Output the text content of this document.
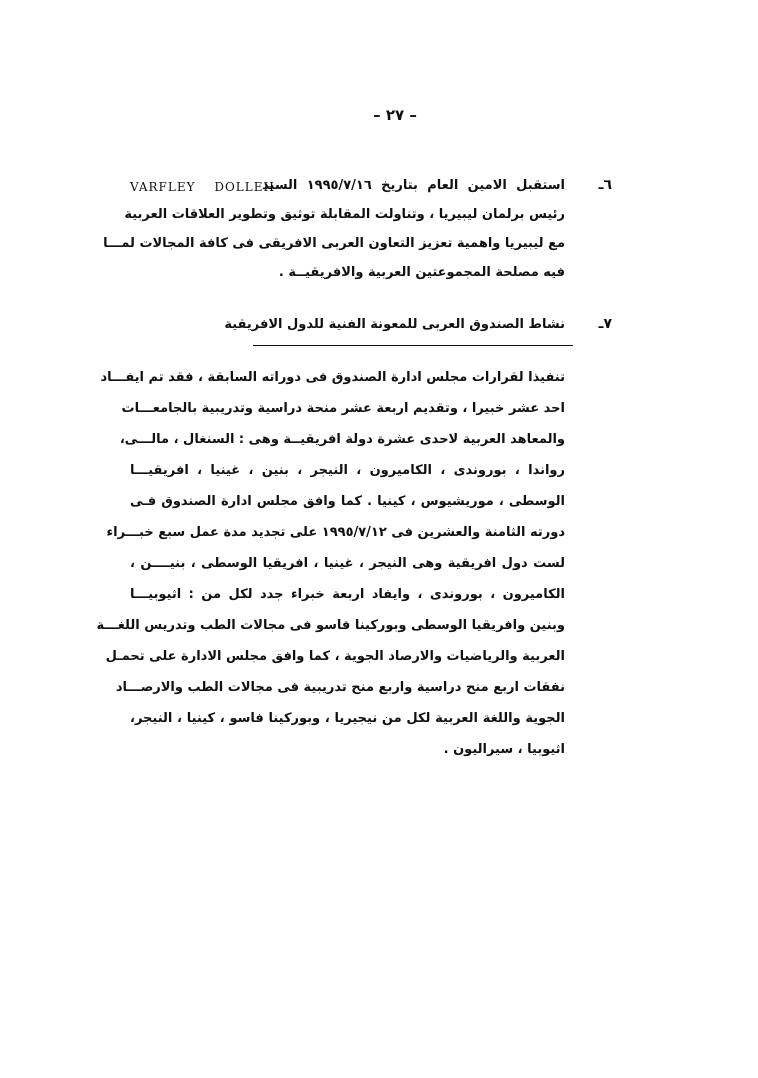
– ٢٧ –
٦ـ
استقبل الامين العام بتاريخ ١٩٩٥/٧/١٦ السيد
VARFLEY DOLLEH
رئيس برلمان ليبيريا ، وتناولت المقابلة توثيق وتطوير العلاقات العربية
مع ليبيريا واهمية تعزيز التعاون العربى الافريقى فى كافة المجالات لمـــا
فيه مصلحة المجموعتين العربية والافريقيــة .
٧ـ
نشاط الصندوق العربى للمعونة الفنية للدول الافريقية
تنفيذا لقرارات مجلس ادارة الصندوق فى دوراته السابقة ، فقد تم ايفـــاد
احد عشر خبيرا ، وتقديم اربعة عشر منحة دراسية وتدريبية بالجامعـــات
والمعاهد العربية لاحدى عشرة دولة افريقيــة وهى : السنغال ، مالـــى،
رواندا ، بوروندى ، الكاميرون ، النيجر ، بنين ، غينيا ، افريقيـــا
الوسطى ، موريشيوس ، كينيا . كما وافق مجلس ادارة الصندوق فـى
دورته الثامنة والعشرين فى ١٩٩٥/٧/١٢ على تجديد مدة عمل سبع خبـــراء
لست دول افريقية وهى النيجر ، غينيا ، افريقيا الوسطى ، بنيــــن ،
الكاميرون ، بوروندى ، وايفاد اربعة خبراء جدد لكل من : اثيوبيـــا
وبنين وافريقيا الوسطى وبوركينا فاسو فى مجالات الطب وتدريس اللغـــة
العربية والرياضيات والارصاد الجوية ، كما وافق مجلس الادارة على تحمـل
نفقات اربع منح دراسية واربع منح تدريبية فى مجالات الطب والارصـــاد
الجوية واللغة العربية لكل من نيجيريا ، وبوركينا فاسو ، كينيا ، النيجر،
اثيوبيا ، سيراليون .
